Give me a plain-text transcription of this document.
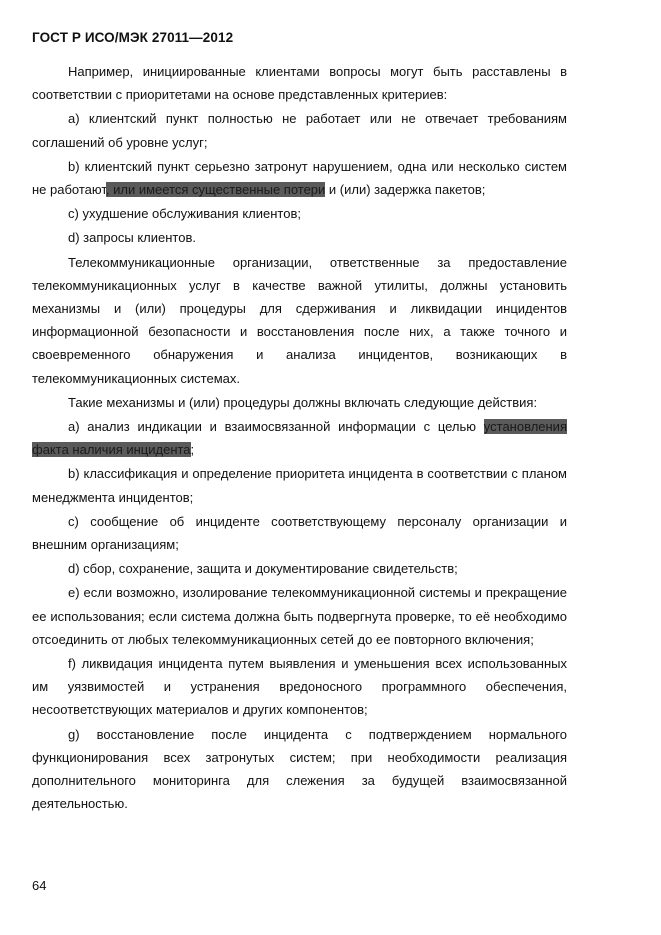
ГОСТ Р ИСО/МЭК 27011—2012

Например, инициированные клиентами вопросы могут быть расставлены в соответствии с приоритетами на основе представленных критериев:

а) клиентский пункт полностью не работает или не отвечает требованиям соглашений об уровне услуг;

b) клиентский пункт серьезно затронут нарушением, одна или несколько систем не работают, или имеется существенные потери и (или) задержка пакетов;

с) ухудшение обслуживания клиентов;

d) запросы клиентов.

Телекоммуникационные организации, ответственные за предоставление телекоммуникационных услуг в качестве важной утилиты, должны установить механизмы и (или) процедуры для сдерживания и ликвидации инцидентов информационной безопасности и восстановления после них, а также точного и своевременного обнаружения и анализа инцидентов, возникающих в телекоммуникационных системах.

Такие механизмы и (или) процедуры должны включать следующие действия:

а) анализ индикации и взаимосвязанной информации с целью установления факта наличия инцидента;

b) классификация и определение приоритета инцидента в соответствии с планом менеджмента инцидентов;

с) сообщение об инциденте соответствующему персоналу организации и внешним организациям;

d) сбор, сохранение, защита и документирование свидетельств;

е) если возможно, изолирование телекоммуникационной системы и прекращение ее использования; если система должна быть подвергнута проверке, то её необходимо отсоединить от любых телекоммуникационных сетей до ее повторного включения;

f) ликвидация инцидента путем выявления и уменьшения всех использованных им уязвимостей и устранения вредоносного программного обеспечения, несоответствующих материалов и других компонентов;

g) восстановление после инцидента с подтверждением нормального функционирования всех затронутых систем; при необходимости реализация дополнительного мониторинга для слежения за будущей взаимосвязанной деятельностью.

64
